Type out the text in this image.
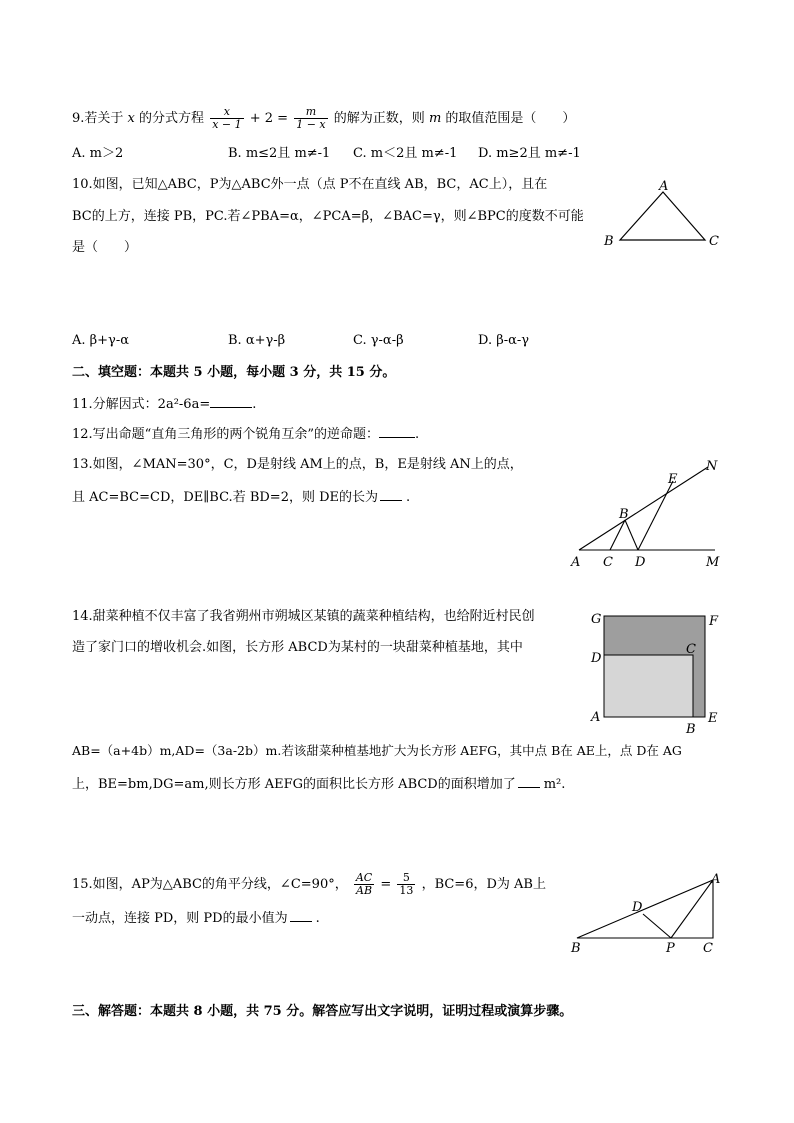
9.若关于 x 的分式方程 $\frac{x}{x - 1} + 2 = \frac{m}{1 - x}$ 的解为正数，则 m 的取值范围是（　　）
A. m＞2	B. m≤2且 m≠-1 C. m＜2且 m≠-1 D. m≥2且 m≠-1
10.如图，已知△ABC，P为△ABC外一点（点 P不在直线 AB，BC，AC上），且在
BC的上方，连接 PB，PC.若∠PBA=α，∠PCA=β，∠BAC=γ，则∠BPC的度数不可能
是（　　）
A
B	C
A. β+γ-α	B. α+γ-β	C. γ-α-β	D. β-α-γ
二、填空题：本题共 5 小题，每小题 3 分，共 15 分。
11.分解因式：2a²-6a=	.
12.写出命题“直角三角形的两个锐角互余”的逆命题：	.
13.如图，∠MAN=30°，C，D是射线 AM上的点，B，E是射线 AN上的点，
且 AC=BC=CD，DE∥BC.若 BD=2，则 DE的长为 .
A C D	M
B
E
N
14.甜菜种植不仅丰富了我省朔州市朔城区某镇的蔬菜种植结构，也给附近村民创
造了家门口的增收机会.如图，长方形 ABCD为某村的一块甜菜种植基地，其中
G	F
D
C
A
B
E
AB=（a+4b）m,AD=（3a-2b）m.若该甜菜种植基地扩大为长方形 AEFG，其中点 B在 AE上，点 D在 AG
上，BE=bm,DG=am,则长方形 AEFG的面积比长方形 ABCD的面积增加了 m².
15.如图，AP为△ABC的角平分线，∠C=90°， $\frac{AC}{AB} = \frac{5}{13}$ ，BC=6，D为 AB上
一动点，连接 PD，则 PD的最小值为 .
A
D
B	P C
三、解答题：本题共 8 小题，共 75 分。解答应写出文字说明，证明过程或演算步骤。
